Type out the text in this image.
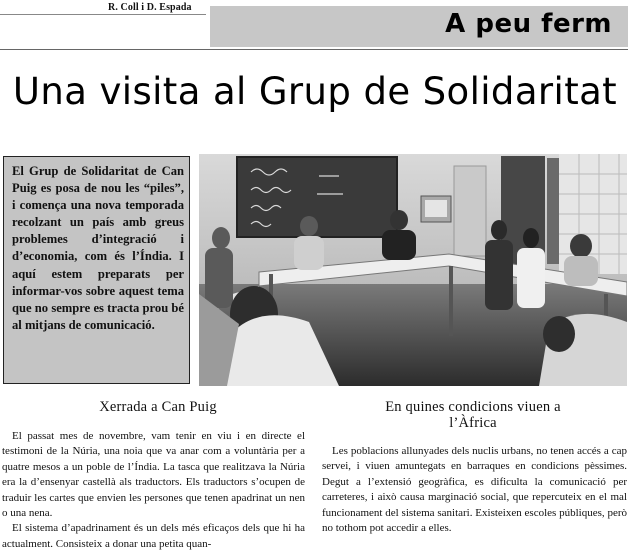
R. Coll i D. Espada
A peu ferm
Una visita al Grup de Solidaritat
El Grup de Solidaritat de Can Puig es posa de nou les “piles”, i comença una nova temporada recolzant un país amb greus problemes d’integració i d’economia, com és l’Índia. I aquí estem preparats per informar-vos sobre aquest tema que no sempre es tracta prou bé al mitjans de comunicació.
Xerrada a Can Puig

El passat mes de novembre, vam tenir en viu i en directe el testimoni de la Núria, una noia que va anar com a voluntària per a quatre mesos a un poble de l’Índia. La tasca que realitzava la Núria era la d’ensenyar castellà als traductors. Els traductors s’ocupen de traduir les cartes que envien les persones que tenen apadrinat un nen o una nena.

El sistema d’apadrinament és un dels més eficaços dels que hi ha actualment. Consisteix a donar una petita quan-

En quines condicions viuen a
l’Àfrica

Les poblacions allunyades dels nuclis urbans, no tenen accés a cap servei, i viuen amuntegats en barraques en condicions pèssimes. Degut a l’extensió geogràfica, es dificulta la comunicació per carreteres, i això causa marginació social, que repercuteix en el mal funcionament del sistema sanitari. Existeixen escoles públiques, però no tothom pot accedir a elles.
